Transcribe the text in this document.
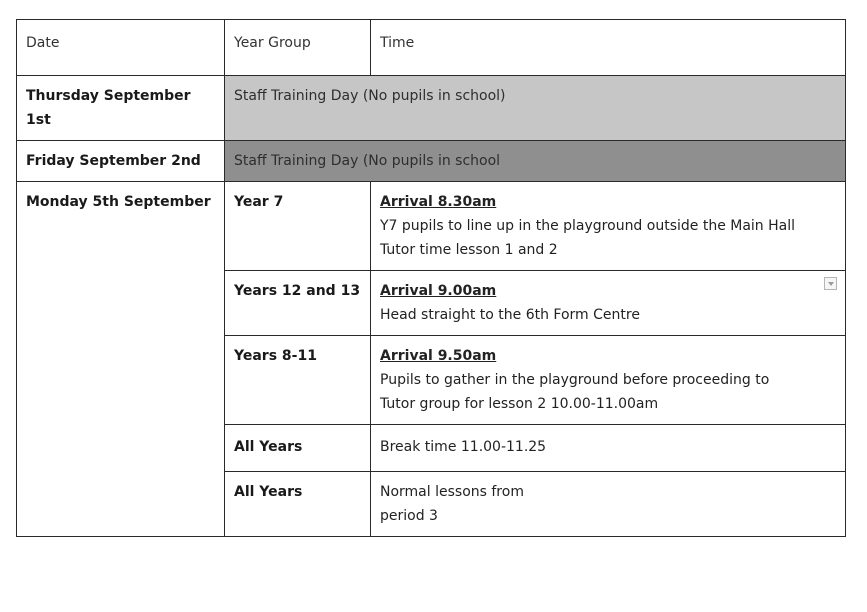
Date	Year Group	Time
Thursday September 1st	Staff Training Day (No pupils in school)	
Friday September 2nd	Staff Training Day (No pupils in school	
Monday 5th September	Year 7	Arrival 8.30am
Y7 pupils to line up in the playground outside the Main Hall
Tutor time lesson 1 and 2

	Years 12 and 13	Arrival 9.00am
Head straight to the 6th Form Centre

	Years 8-11	Arrival 9.50am
Pupils to gather in the playground before proceeding to
Tutor group for lesson 2 10.00-11.00am

	All Years	Break time 11.00-11.25

	All Years	Normal lessons from
period 3
